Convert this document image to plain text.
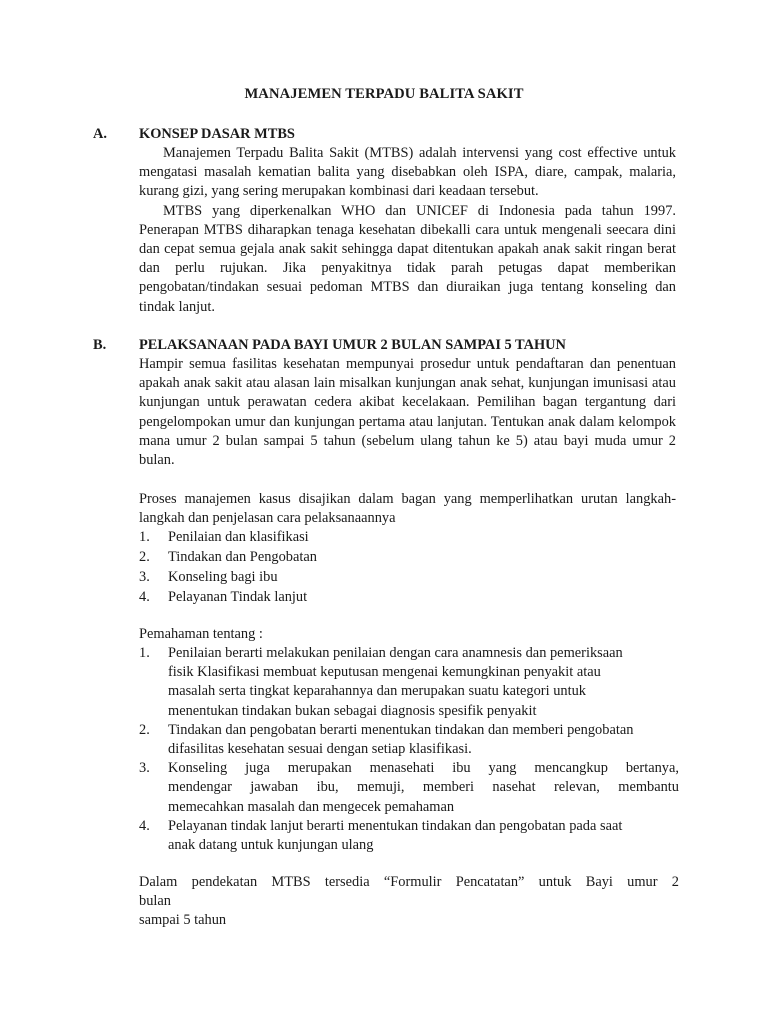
MANAJEMEN TERPADU BALITA SAKIT
A. KONSEP DASAR MTBS

Manajemen Terpadu Balita Sakit (MTBS) adalah intervensi yang cost effective untuk mengatasi masalah kematian balita yang disebabkan oleh ISPA, diare, campak, malaria, kurang gizi, yang sering merupakan kombinasi dari keadaan tersebut.

MTBS yang diperkenalkan WHO dan UNICEF di Indonesia pada tahun 1997. Penerapan MTBS diharapkan tenaga kesehatan dibekalli cara untuk mengenali seecara dini dan cepat semua gejala anak sakit sehingga dapat ditentukan apakah anak sakit ringan berat dan perlu rujukan. Jika penyakitnya tidak parah petugas dapat memberikan pengobatan/tindakan sesuai pedoman MTBS dan diuraikan juga tentang konseling dan tindak lanjut.

B. PELAKSANAAN PADA BAYI UMUR 2 BULAN SAMPAI 5 TAHUN

Hampir semua fasilitas kesehatan mempunyai prosedur untuk pendaftaran dan penentuan apakah anak sakit atau alasan lain misalkan kunjungan anak sehat, kunjungan imunisasi atau kunjungan untuk perawatan cedera akibat kecelakaan. Pemilihan bagan tergantung dari pengelompokan umur dan kunjungan pertama atau lanjutan. Tentukan anak dalam kelompok mana umur 2 bulan sampai 5 tahun (sebelum ulang tahun ke 5) atau bayi muda umur 2 bulan.

Proses manajemen kasus disajikan dalam bagan yang memperlihatkan urutan langkah-langkah dan penjelasan cara pelaksanaannya

1. Penilaian dan klasifikasi
2. Tindakan dan Pengobatan
3. Konseling bagi ibu
4. Pelayanan Tindak lanjut
Pemahaman tentang :
1. Penilaian berarti melakukan penilaian dengan cara anamnesis dan pemeriksaan
fisik Klasifikasi membuat keputusan mengenai kemungkinan penyakit atau
masalah serta tingkat keparahannya dan merupakan suatu kategori untuk
menentukan tindakan bukan sebagai diagnosis spesifik penyakit
2. Tindakan dan pengobatan berarti menentukan tindakan dan memberi pengobatan
difasilitas kesehatan sesuai dengan setiap klasifikasi.
3. Konseling juga merupakan menasehati ibu yang mencangkup bertanya,
mendengar jawaban ibu, memuji, memberi nasehat relevan, membantu
memecahkan masalah dan mengecek pemahaman
4. Pelayanan tindak lanjut berarti menentukan tindakan dan pengobatan pada saat
anak datang untuk kunjungan ulang
Dalam pendekatan MTBS tersedia “Formulir Pencatatan” untuk Bayi umur 2
bulan
sampai 5 tahun
